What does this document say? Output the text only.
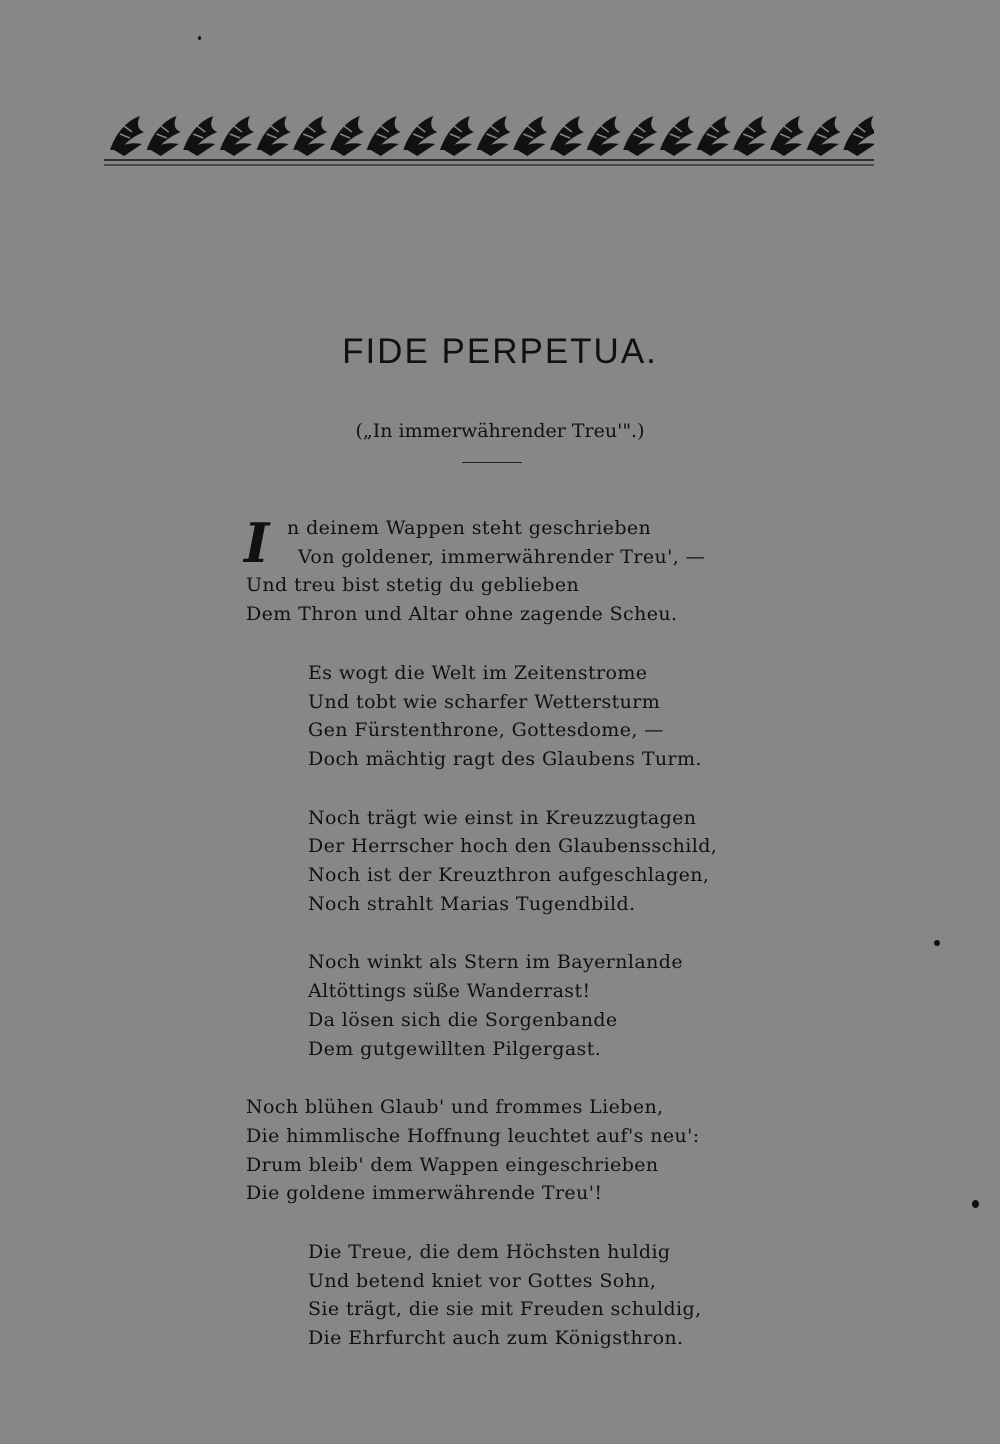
FIDE PERPETUA.

(„In immerwährender Treu'".)

I n deinem Wappen steht geschrieben
Von goldener, immerwährender Treu', —
Und treu bist stetig du geblieben
Dem Thron und Altar ohne zagende Scheu.
Es wogt die Welt im Zeitenstrome
Und tobt wie scharfer Wettersturm
Gen Fürstenthrone, Gottesdome, —
Doch mächtig ragt des Glaubens Turm.
Noch trägt wie einst in Kreuzzugtagen
Der Herrscher hoch den Glaubensschild,
Noch ist der Kreuzthron aufgeschlagen,
Noch strahlt Marias Tugendbild.
Noch winkt als Stern im Bayernlande
Altöttings süße Wanderrast!
Da lösen sich die Sorgenbande
Dem gutgewillten Pilgergast.
Noch blühen Glaub' und frommes Lieben,
Die himmlische Hoffnung leuchtet auf's neu':
Drum bleib' dem Wappen eingeschrieben
Die goldene immerwährende Treu'!
Die Treue, die dem Höchsten huldig
Und betend kniet vor Gottes Sohn,
Sie trägt, die sie mit Freuden schuldig,
Die Ehrfurcht auch zum Königsthron.
